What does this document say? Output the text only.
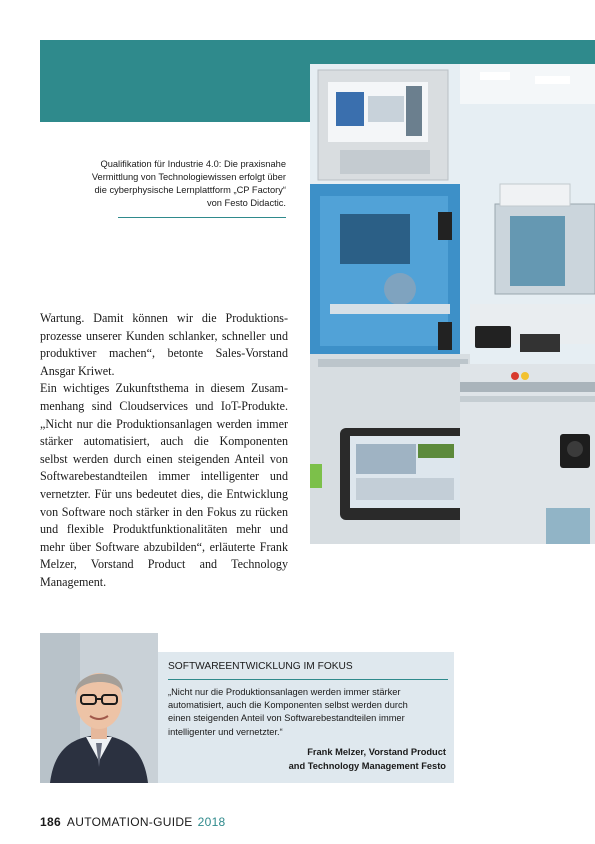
Qualifikation für Industrie 4.0: Die praxisnahe
Vermittlung von Technologiewissen erfolgt über
die cyberphysische Lernplattform „CP Factory“
von Festo Didactic.
Wartung. Damit können wir die Produktions-
prozesse unserer Kunden schlanker, schneller und
produktiver machen“, betonte Sales-Vorstand
Ansgar Kriwet.
Ein wichtiges Zukunftsthema in diesem Zusam-
menhang sind Cloudservices und IoT-Produkte.
„Nicht nur die Produktionsanlagen werden immer
stärker automatisiert, auch die Komponenten
selbst werden durch einen steigenden Anteil von
Softwarebestandteilen immer intelligenter und
vernetzter. Für uns bedeutet dies, die Entwicklung
von Software noch stärker in den Fokus zu rücken
und flexible Produktfunktionalitäten mehr und
mehr über Software abzubilden“, erläuterte Frank
Melzer, Vorstand Product and Technology
Management.
SOFTWAREENTWICKLUNG IM FOKUS
„Nicht nur die Produktionsanlagen werden immer stärker
automatisiert, auch die Komponenten selbst werden durch
einen steigenden Anteil von Softwarebestandteilen immer
intelligenter und vernetzter.“
Frank Melzer, Vorstand Product
and Technology Management Festo
186 AUTOMATION-GUIDE 2018
